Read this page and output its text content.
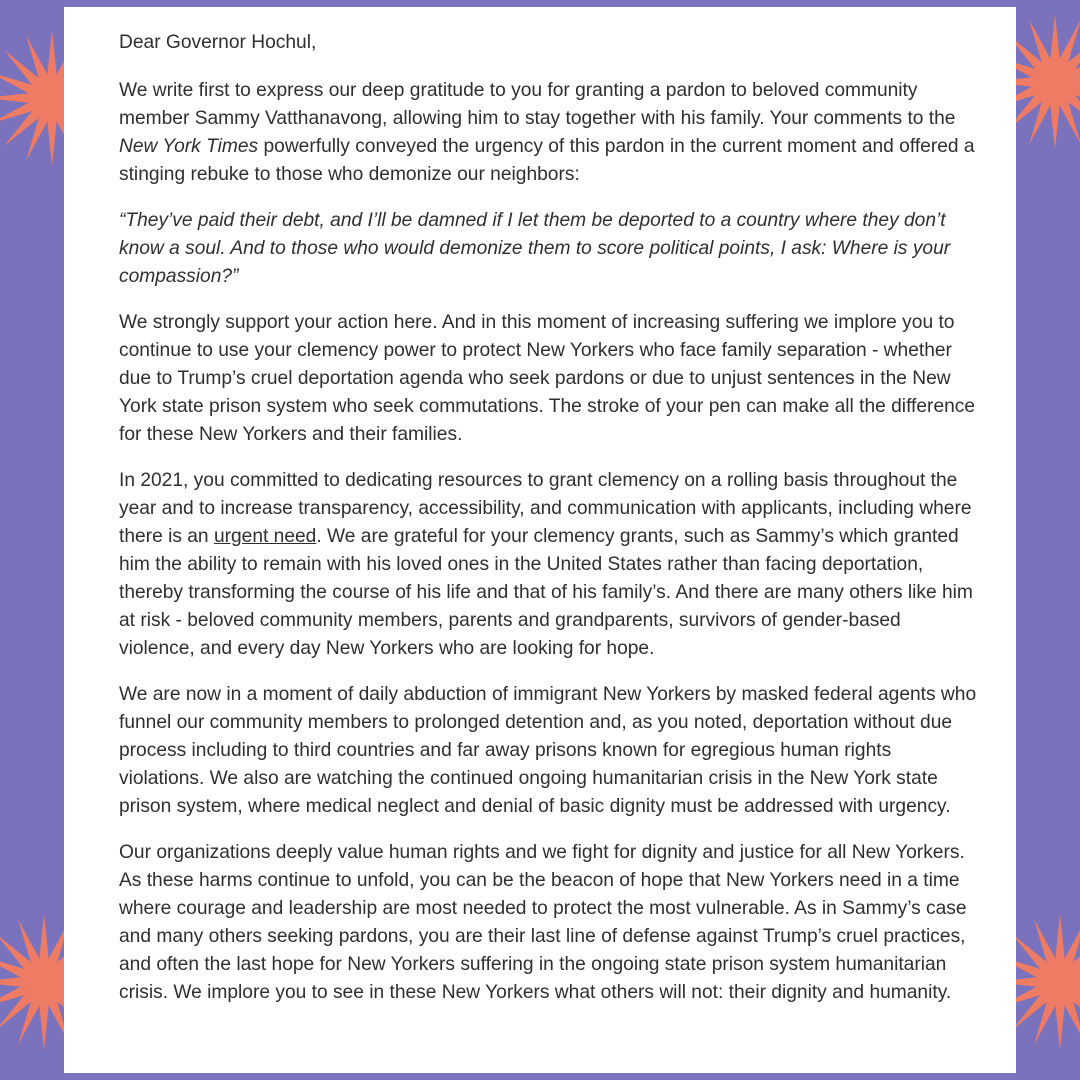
Dear Governor Hochul,

We write first to express our deep gratitude to you for granting a pardon to beloved community member Sammy Vatthanavong, allowing him to stay together with his family. Your comments to the New York Times powerfully conveyed the urgency of this pardon in the current moment and offered a stinging rebuke to those who demonize our neighbors:

“They’ve paid their debt, and I’ll be damned if I let them be deported to a country where they don’t know a soul. And to those who would demonize them to score political points, I ask: Where is your compassion?”

We strongly support your action here. And in this moment of increasing suffering we implore you to continue to use your clemency power to protect New Yorkers who face family separation - whether due to Trump’s cruel deportation agenda who seek pardons or due to unjust sentences in the New York state prison system who seek commutations. The stroke of your pen can make all the difference for these New Yorkers and their families.

In 2021, you committed to dedicating resources to grant clemency on a rolling basis throughout the year and to increase transparency, accessibility, and communication with applicants, including where there is an urgent need. We are grateful for your clemency grants, such as Sammy’s which granted him the ability to remain with his loved ones in the United States rather than facing deportation, thereby transforming the course of his life and that of his family’s. And there are many others like him at risk - beloved community members, parents and grandparents, survivors of gender-based violence, and every day New Yorkers who are looking for hope.

We are now in a moment of daily abduction of immigrant New Yorkers by masked federal agents who funnel our community members to prolonged detention and, as you noted, deportation without due process including to third countries and far away prisons known for egregious human rights violations. We also are watching the continued ongoing humanitarian crisis in the New York state prison system, where medical neglect and denial of basic dignity must be addressed with urgency.

Our organizations deeply value human rights and we fight for dignity and justice for all New Yorkers. As these harms continue to unfold, you can be the beacon of hope that New Yorkers need in a time where courage and leadership are most needed to protect the most vulnerable. As in Sammy’s case and many others seeking pardons, you are their last line of defense against Trump’s cruel practices, and often the last hope for New Yorkers suffering in the ongoing state prison system humanitarian crisis. We implore you to see in these New Yorkers what others will not: their dignity and humanity.
